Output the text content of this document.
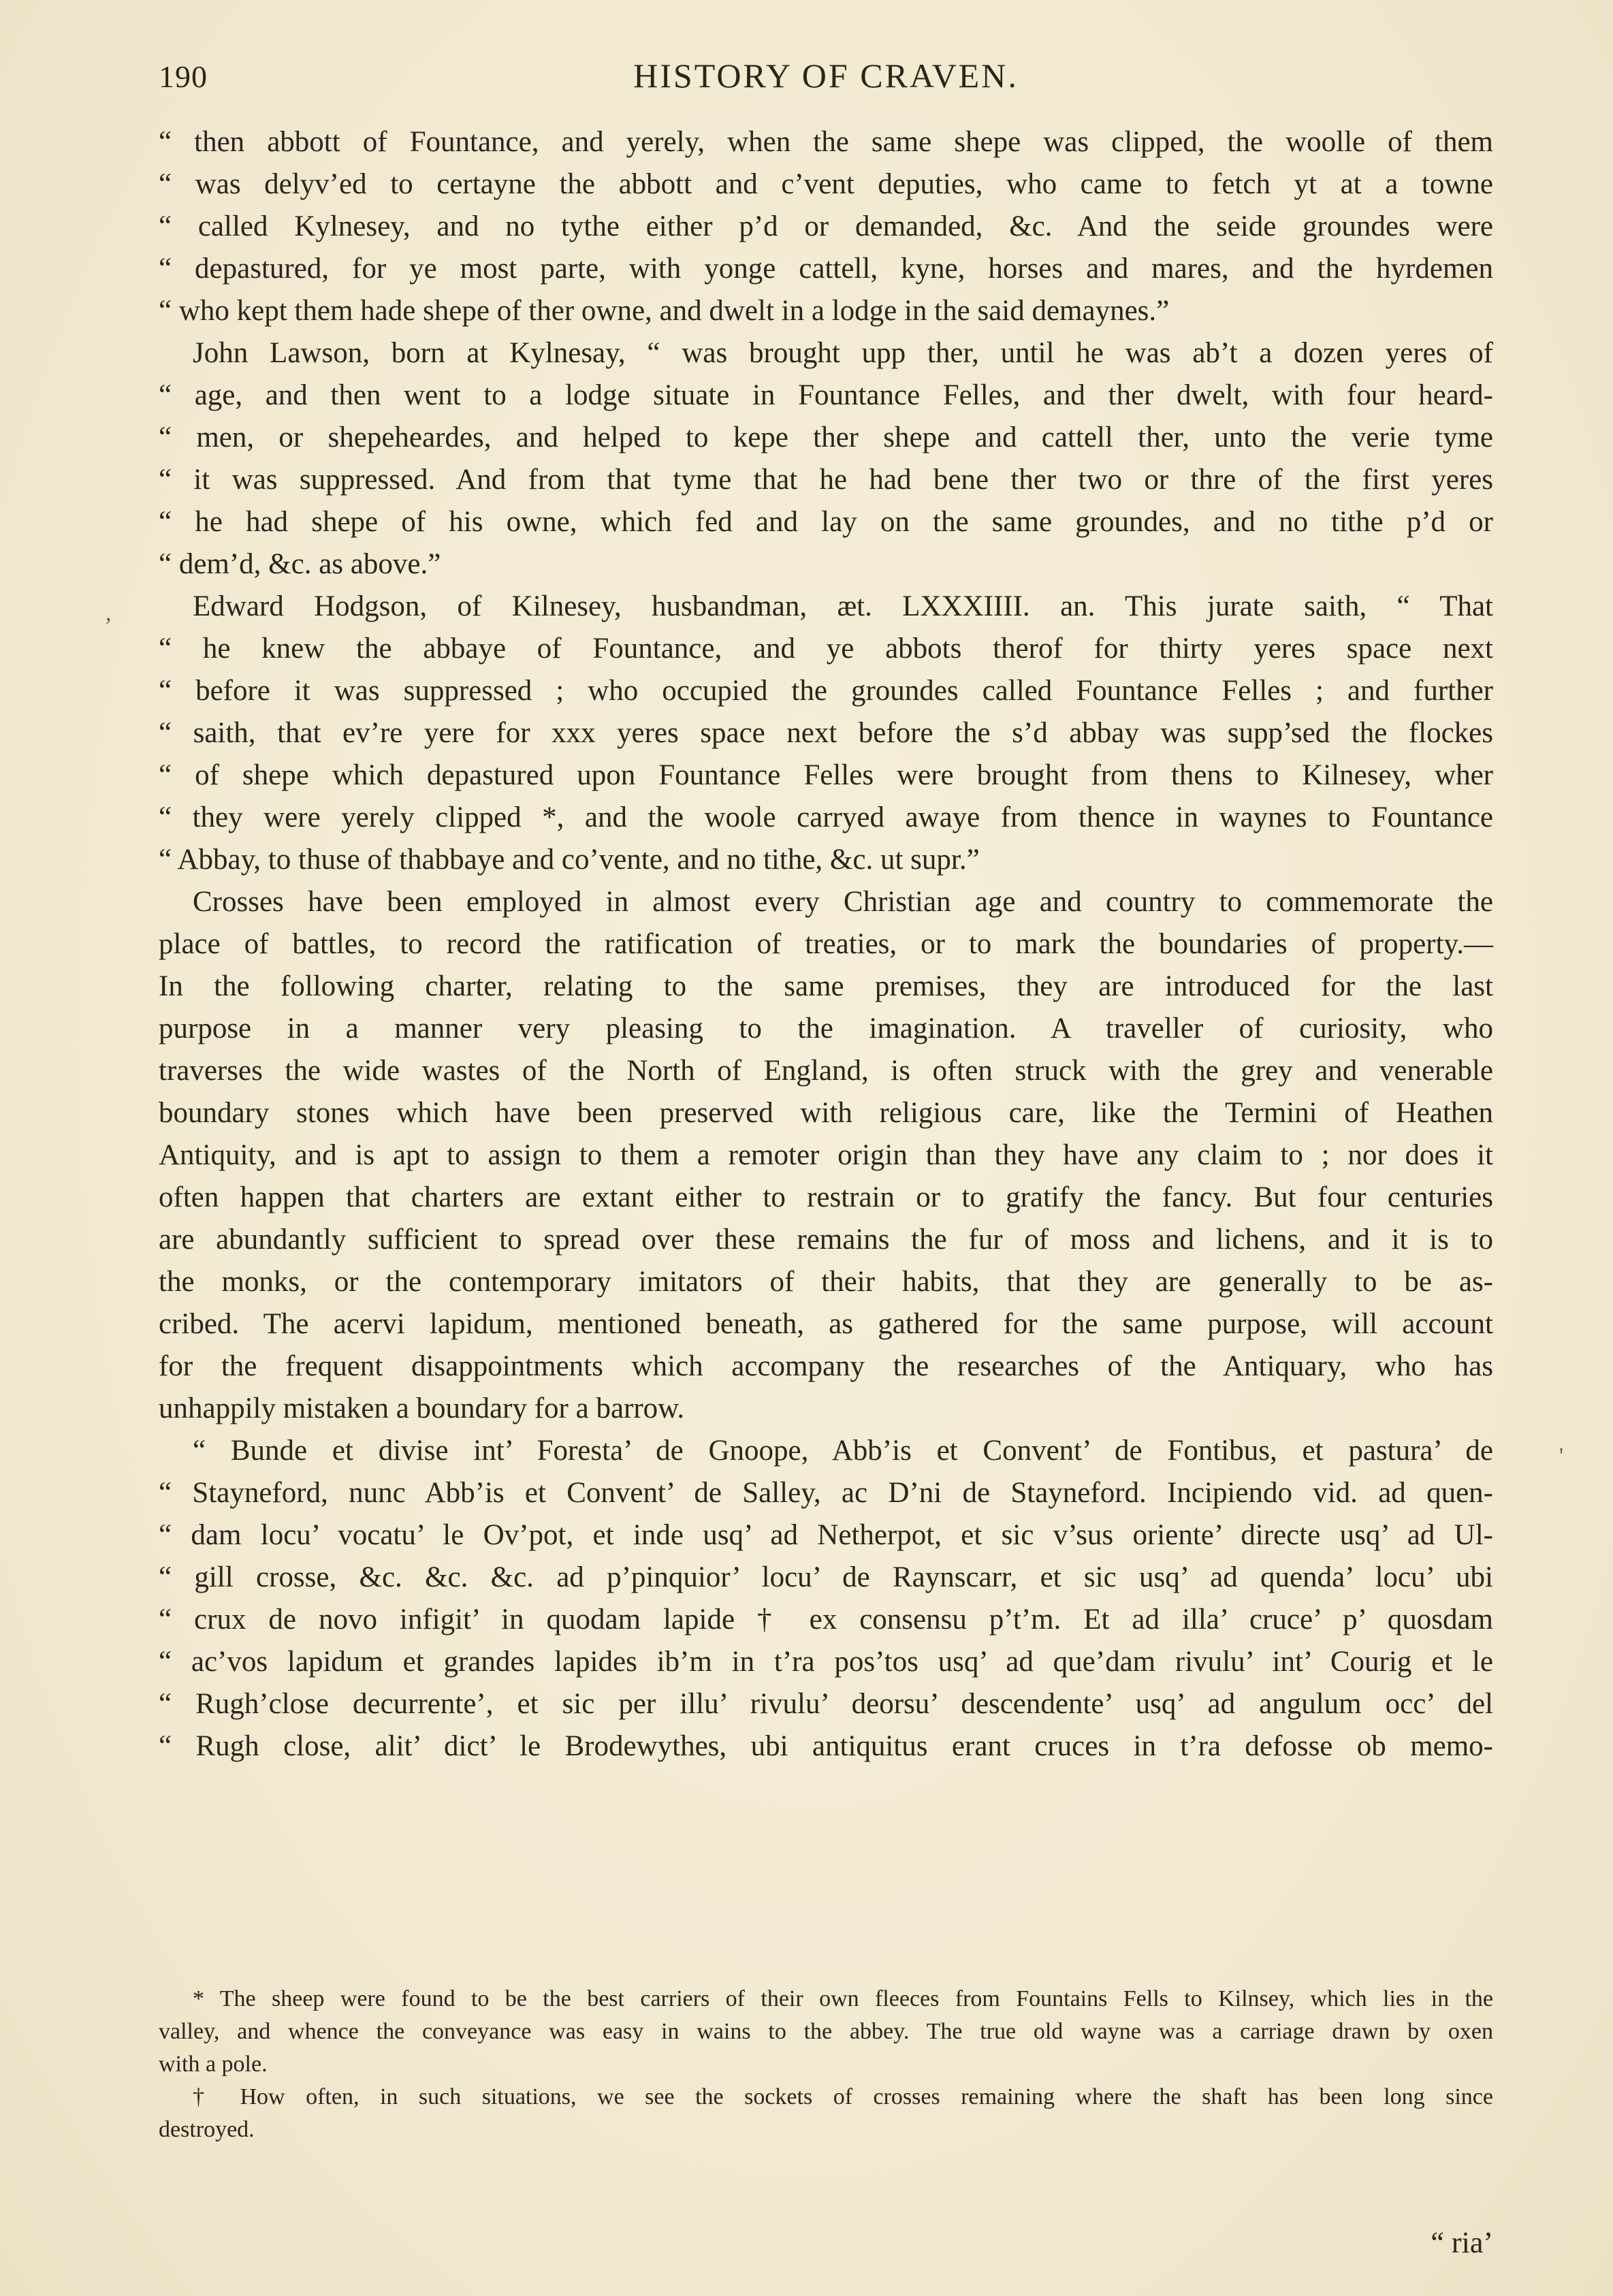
190	HISTORY OF CRAVEN.
“ then abbott of Fountance, and yerely, when the same shepe was clipped, the woolle of them
“ was delyv’ed to certayne the abbott and c’vent deputies, who came to fetch yt at a towne
“ called Kylnesey, and no tythe either p’d or demanded, &c. And the seide groundes were
“ depastured, for ye most parte, with yonge cattell, kyne, horses and mares, and the hyrdemen
“ who kept them hade shepe of ther owne, and dwelt in a lodge in the said demaynes.”
John Lawson, born at Kylnesay, “ was brought upp ther, until he was ab’t a dozen yeres of
“ age, and then went to a lodge situate in Fountance Felles, and ther dwelt, with four heard-
“ men, or shepeheardes, and helped to kepe ther shepe and cattell ther, unto the verie tyme
“ it was suppressed. And from that tyme that he had bene ther two or thre of the first yeres
“ he had shepe of his owne, which fed and lay on the same groundes, and no tithe p’d or
“ dem’d, &c. as above.”
Edward Hodgson, of Kilnesey, husbandman, æt. LXXXIIII. an. This jurate saith, “ That
“ he knew the abbaye of Fountance, and ye abbots therof for thirty yeres space next
“ before it was suppressed ; who occupied the groundes called Fountance Felles ; and further
“ saith, that ev’re yere for xxx yeres space next before the s’d abbay was supp’sed the flockes
“ of shepe which depastured upon Fountance Felles were brought from thens to Kilnesey, wher
“ they were yerely clipped *, and the woole carryed awaye from thence in waynes to Fountance
“ Abbay, to thuse of thabbaye and co’vente, and no tithe, &c. ut supr.”
Crosses have been employed in almost every Christian age and country to commemorate the
place of battles, to record the ratification of treaties, or to mark the boundaries of property.—
In the following charter, relating to the same premises, they are introduced for the last
purpose in a manner very pleasing to the imagination. A traveller of curiosity, who
traverses the wide wastes of the North of England, is often struck with the grey and venerable
boundary stones which have been preserved with religious care, like the Termini of Heathen
Antiquity, and is apt to assign to them a remoter origin than they have any claim to ; nor does it
often happen that charters are extant either to restrain or to gratify the fancy. But four centuries
are abundantly sufficient to spread over these remains the fur of moss and lichens, and it is to
the monks, or the contemporary imitators of their habits, that they are generally to be as-
cribed. The acervi lapidum, mentioned beneath, as gathered for the same purpose, will account
for the frequent disappointments which accompany the researches of the Antiquary, who has
unhappily mistaken a boundary for a barrow.
“ Bunde et divise int’ Foresta’ de Gnoope, Abb’is et Convent’ de Fontibus, et pastura’ de
“ Stayneford, nunc Abb’is et Convent’ de Salley, ac D’ni de Stayneford. Incipiendo vid. ad quen-
“ dam locu’ vocatu’ le Ov’pot, et inde usq’ ad Netherpot, et sic v’sus oriente’ directe usq’ ad Ul-
“ gill crosse, &c. &c. &c. ad p’pinquior’ locu’ de Raynscarr, et sic usq’ ad quenda’ locu’ ubi
“ crux de novo infigit’ in quodam lapide † ex consensu p’t’m. Et ad illa’ cruce’ p’ quosdam
“ ac’vos lapidum et grandes lapides ib’m in t’ra pos’tos usq’ ad que’dam rivulu’ int’ Courig et le
“ Rugh’close decurrente’, et sic per illu’ rivulu’ deorsu’ descendente’ usq’ ad angulum occ’ del
“ Rugh close, alit’ dict’ le Brodewythes, ubi antiquitus erant cruces in t’ra defosse ob memo-
* The sheep were found to be the best carriers of their own fleeces from Fountains Fells to Kilnsey, which lies in the
valley, and whence the conveyance was easy in wains to the abbey. The true old wayne was a carriage drawn by oxen
with a pole.
† How often, in such situations, we see the sockets of crosses remaining where the shaft has been long since
destroyed.
“ ria’
,
'
